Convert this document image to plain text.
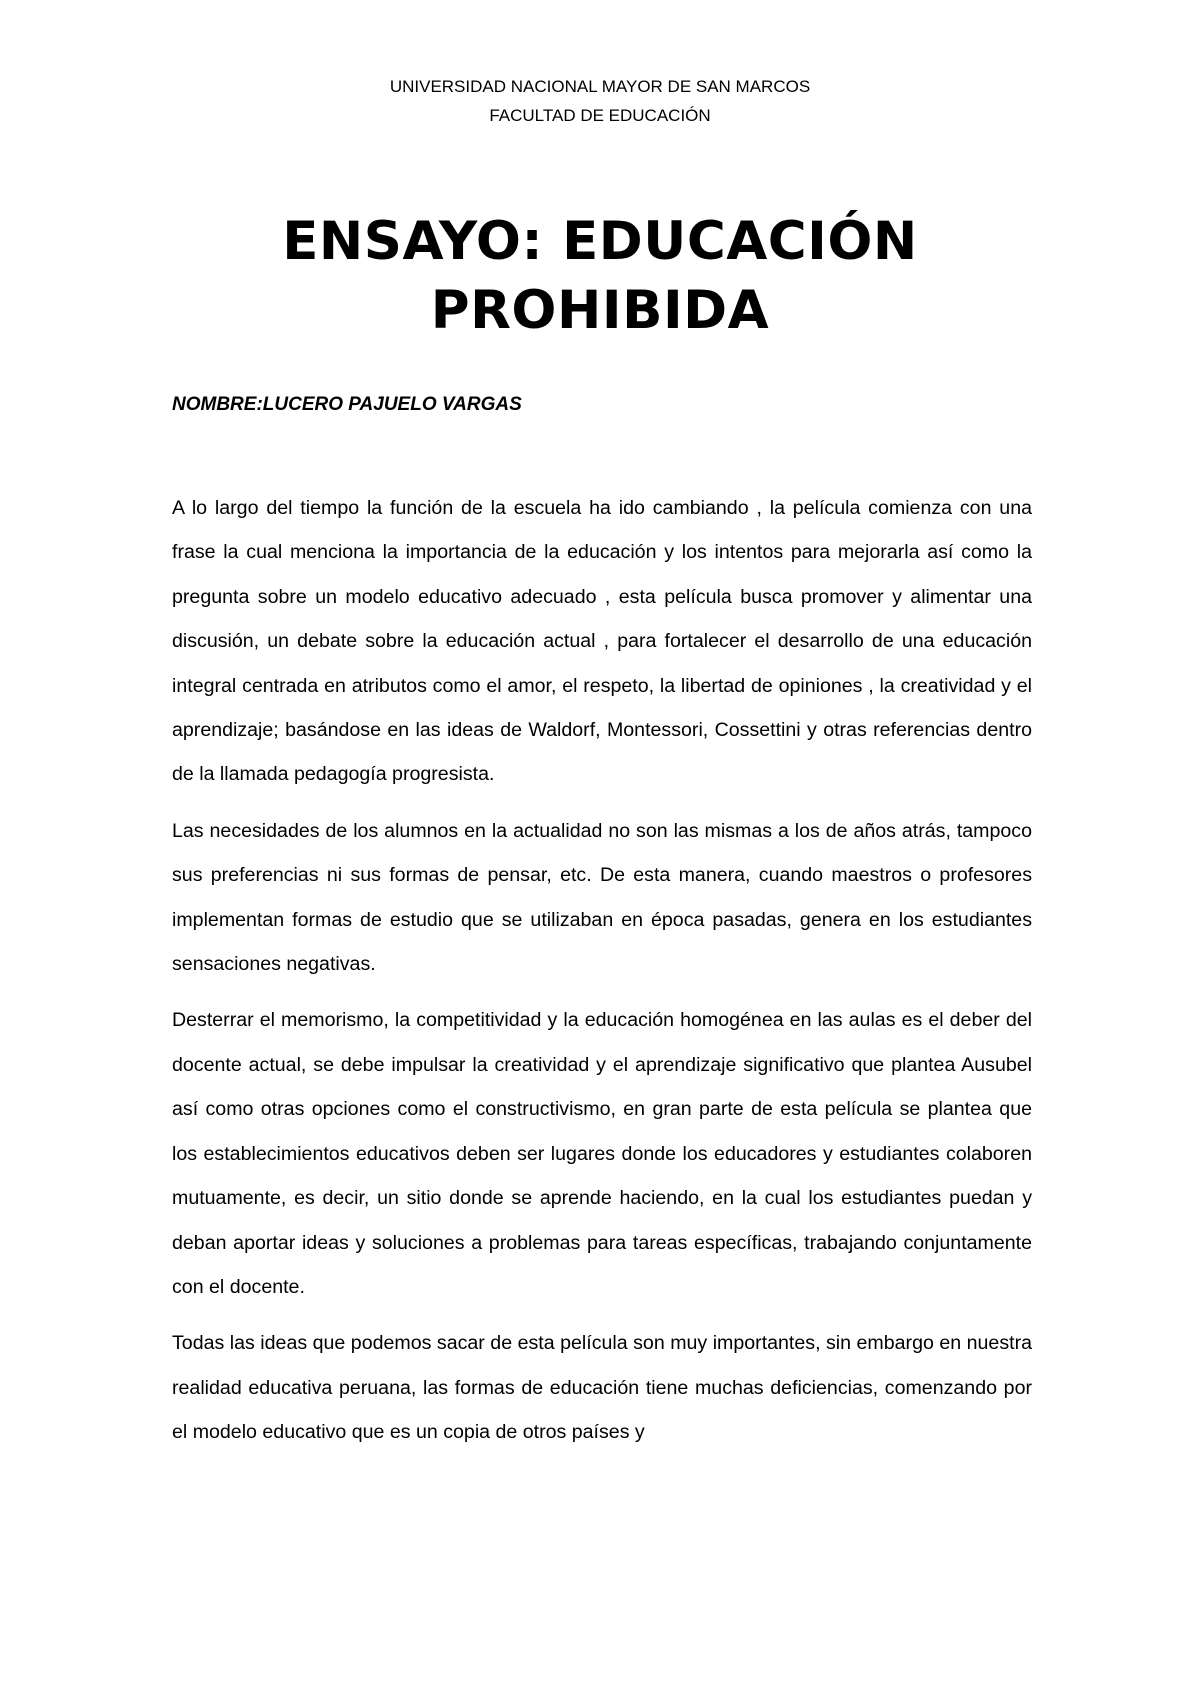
UNIVERSIDAD NACIONAL MAYOR DE SAN MARCOS
FACULTAD DE EDUCACIÓN
ENSAYO: EDUCACIÓN
PROHIBIDA
NOMBRE:LUCERO PAJUELO VARGAS

A lo largo del tiempo la función de la escuela ha ido cambiando , la película comienza con una frase la cual menciona la importancia de la educación y los intentos para mejorarla así como la pregunta sobre un modelo educativo adecuado , esta película busca promover y alimentar una discusión, un debate sobre la educación actual , para fortalecer el desarrollo de una educación integral centrada en atributos como el amor, el respeto, la libertad de opiniones , la creatividad y el aprendizaje; basándose en las ideas de Waldorf, Montessori, Cossettini y otras referencias dentro de la llamada pedagogía progresista.

Las necesidades de los alumnos en la actualidad no son las mismas a los de años atrás, tampoco sus preferencias ni sus formas de pensar, etc. De esta manera, cuando maestros o profesores implementan formas de estudio que se utilizaban en época pasadas, genera en los estudiantes sensaciones negativas.

Desterrar el memorismo, la competitividad y la educación homogénea en las aulas es el deber del docente actual, se debe impulsar la creatividad y el aprendizaje significativo que plantea Ausubel así como otras opciones como el constructivismo, en gran parte de esta película se plantea que los establecimientos educativos deben ser lugares donde los educadores y estudiantes colaboren mutuamente, es decir, un sitio donde se aprende haciendo, en la cual los estudiantes puedan y deban aportar ideas y soluciones a problemas para tareas específicas, trabajando conjuntamente con el docente.

Todas las ideas que podemos sacar de esta película son muy importantes, sin embargo en nuestra realidad educativa peruana, las formas de educación tiene muchas deficiencias, comenzando por el modelo educativo que es un copia de otros países y
